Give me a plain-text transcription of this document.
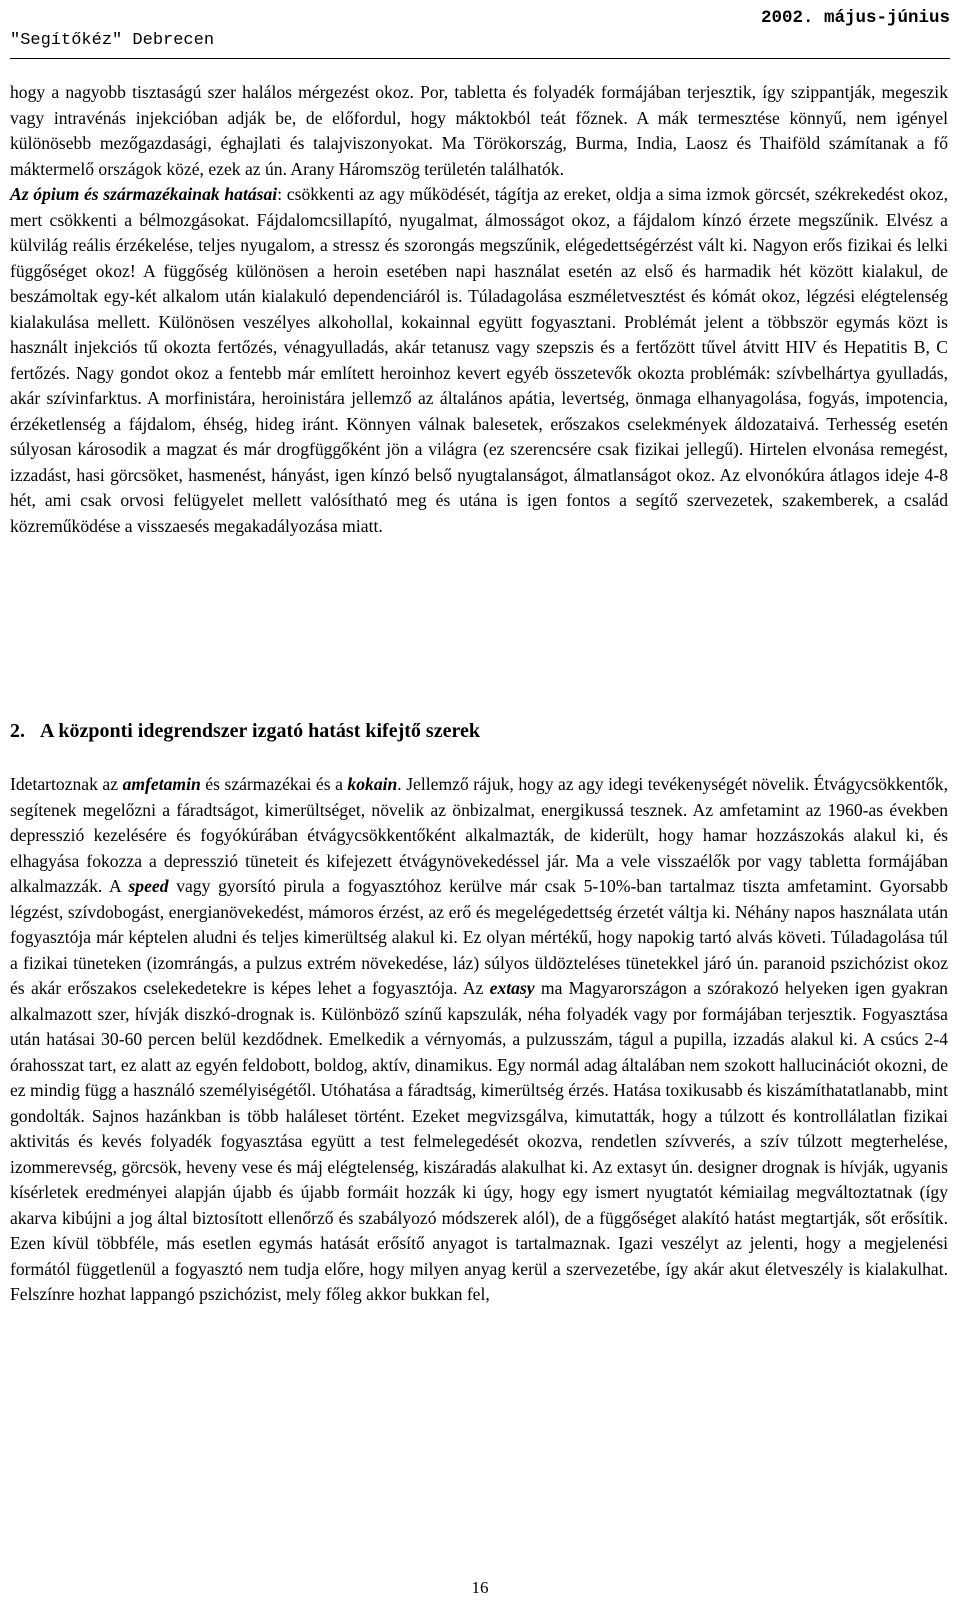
"Segítőkéz" Debrecen
2002. május-június

hogy a nagyobb tisztaságú szer halálos mérgezést okoz. Por, tabletta és folyadék formájában terjesztik, így szippantják, megeszik vagy intravénás injekcióban adják be, de előfordul, hogy máktokból teát főznek. A mák termesztése könnyű, nem igényel különösebb mezőgazdasági, éghajlati és talajviszonyokat. Ma Törökország, Burma, India, Laosz és Thaiföld számítanak a fő máktermelő országok közé, ezek az ún. Arany Háromszög területén találhatók.

Az ópium és származékainak hatásai: csökkenti az agy működését, tágítja az ereket, oldja a sima izmok görcsét, székrekedést okoz, mert csökkenti a bélmozgásokat. Fájdalomcsillapító, nyugalmat, álmosságot okoz, a fájdalom kínzó érzete megszűnik. Elvész a külvilág reális érzékelése, teljes nyugalom, a stressz és szorongás megszűnik, elégedettségérzést vált ki. Nagyon erős fizikai és lelki függőséget okoz! A függőség különösen a heroin esetében napi használat esetén az első és harmadik hét között kialakul, de beszámoltak egy-két alkalom után kialakuló dependenciáról is. Túladagolása eszméletvesztést és kómát okoz, légzési elégtelenség kialakulása mellett. Különösen veszélyes alkohollal, kokainnal együtt fogyasztani. Problémát jelent a többször egymás közt is használt injekciós tű okozta fertőzés, vénagyulladás, akár tetanusz vagy szepszis és a fertőzött tűvel átvitt HIV és Hepatitis B, C fertőzés. Nagy gondot okoz a fentebb már említett heroinhoz kevert egyéb összetevők okozta problémák: szívbelhártya gyulladás, akár szívinfarktus. A morfinistára, heroinistára jellemző az általános apátia, levertség, önmaga elhanyagolása, fogyás, impotencia, érzéketlenség a fájdalom, éhség, hideg iránt. Könnyen válnak balesetek, erőszakos cselekmények áldozataivá. Terhesség esetén súlyosan károsodik a magzat és már drogfüggőként jön a világra (ez szerencsére csak fizikai jellegű). Hirtelen elvonása remegést, izzadást, hasi görcsöket, hasmenést, hányást, igen kínzó belső nyugtalanságot, álmatlanságot okoz. Az elvonókúra átlagos ideje 4-8 hét, ami csak orvosi felügyelet mellett valósítható meg és utána is igen fontos a segítő szervezetek, szakemberek, a család közreműködése a visszaesés megakadályozása miatt.

2. A központi idegrendszer izgató hatást kifejtő szerek

Idetartoznak az amfetamin és származékai és a kokain. Jellemző rájuk, hogy az agy idegi tevékenységét növelik. Étvágycsökkentők, segítenek megelőzni a fáradtságot, kimerültséget, növelik az önbizalmat, energikussá tesznek. Az amfetamint az 1960-as években depresszió kezelésére és fogyókúrában étvágycsökkentőként alkalmazták, de kiderült, hogy hamar hozzászokás alakul ki, és elhagyása fokozza a depresszió tüneteit és kifejezett étvágynövekedéssel jár. Ma a vele visszaélők por vagy tabletta formájában alkalmazzák. A speed vagy gyorsító pirula a fogyasztóhoz kerülve már csak 5-10%-ban tartalmaz tiszta amfetamint. Gyorsabb légzést, szívdobogást, energianövekedést, mámoros érzést, az erő és megelégedettség érzetét váltja ki. Néhány napos használata után fogyasztója már képtelen aludni és teljes kimerültség alakul ki. Ez olyan mértékű, hogy napokig tartó alvás követi. Túladagolása túl a fizikai tüneteken (izomrángás, a pulzus extrém növekedése, láz) súlyos üldözteléses tünetekkel járó ún. paranoid pszichózist okoz és akár erőszakos cselekedetekre is képes lehet a fogyasztója. Az extasy ma Magyarországon a szórakozó helyeken igen gyakran alkalmazott szer, hívják diszkó-drognak is. Különböző színű kapszulák, néha folyadék vagy por formájában terjesztik. Fogyasztása után hatásai 30-60 percen belül kezdődnek. Emelkedik a vérnyomás, a pulzusszám, tágul a pupilla, izzadás alakul ki. A csúcs 2-4 órahosszat tart, ez alatt az egyén feldobott, boldog, aktív, dinamikus. Egy normál adag általában nem szokott hallucinációt okozni, de ez mindig függ a használó személyiségétől. Utóhatása a fáradtság, kimerültség érzés. Hatása toxikusabb és kiszámíthatatlanabb, mint gondolták. Sajnos hazánkban is több haláleset történt. Ezeket megvizsgálva, kimutatták, hogy a túlzott és kontrollálatlan fizikai aktivitás és kevés folyadék fogyasztása együtt a test felmelegedését okozva, rendetlen szívverés, a szív túlzott megterhelése, izommerevség, görcsök, heveny vese és máj elégtelenség, kiszáradás alakulhat ki. Az extasyt ún. designer drognak is hívják, ugyanis kísérletek eredményei alapján újabb és újabb formáit hozzák ki úgy, hogy egy ismert nyugtatót kémiailag megváltoztatnak (így akarva kibújni a jog által biztosított ellenőrző és szabályozó módszerek alól), de a függőséget alakító hatást megtartják, sőt erősítik. Ezen kívül többféle, más esetlen egymás hatását erősítő anyagot is tartalmaznak. Igazi veszélyt az jelenti, hogy a megjelenési formától függetlenül a fogyasztó nem tudja előre, hogy milyen anyag kerül a szervezetébe, így akár akut életveszély is kialakulhat. Felszínre hozhat lappangó pszichózist, mely főleg akkor bukkan fel,

16
